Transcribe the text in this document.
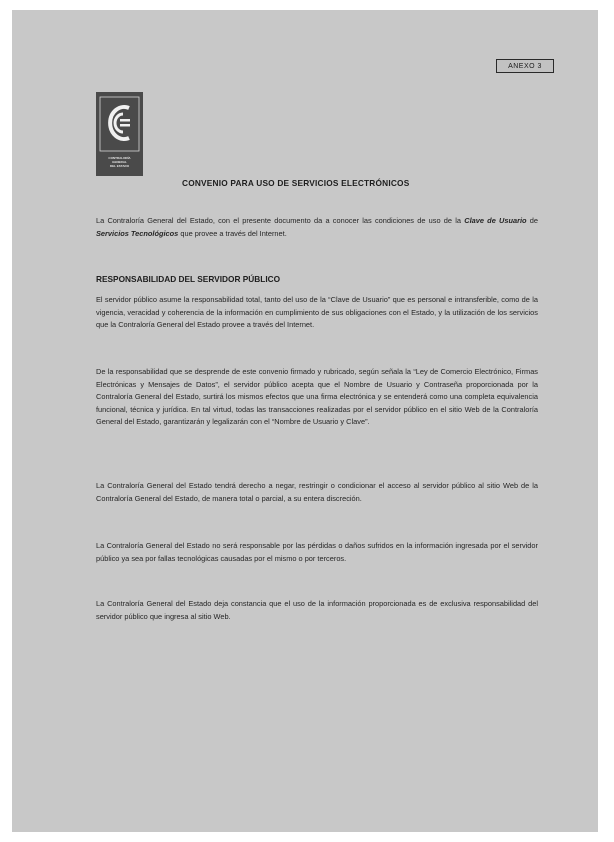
ANEXO 3
CONTRALORÍA
GENERAL
DEL ESTADO
CONVENIO PARA USO DE SERVICIOS ELECTRÓNICOS
La Contraloría General del Estado, con el presente documento da a conocer las condiciones de uso de la Clave de Usuario de Servicios Tecnológicos que provee a través del Internet.
RESPONSABILIDAD DEL SERVIDOR PÚBLICO
El servidor público asume la responsabilidad total, tanto del uso de la “Clave de Usuario” que es personal e intransferible, como de la vigencia, veracidad y coherencia de la información en cumplimiento de sus obligaciones con el Estado, y la utilización de los servicios que la Contraloría General del Estado provee a través del Internet.
De la responsabilidad que se desprende de este convenio firmado y rubricado, según señala la “Ley de Comercio Electrónico, Firmas Electrónicas y Mensajes de Datos”, el servidor público acepta que el Nombre de Usuario y Contraseña proporcionada por la Contraloría General del Estado, surtirá los mismos efectos que una firma electrónica y se entenderá como una completa equivalencia funcional, técnica y jurídica. En tal virtud, todas las transacciones realizadas por el servidor público en el sitio Web de la Contraloría General del Estado, garantizarán y legalizarán con el “Nombre de Usuario y Clave”.
La Contraloría General del Estado tendrá derecho a negar, restringir o condicionar el acceso al servidor público al sitio Web de la Contraloría General del Estado, de manera total o parcial, a su entera discreción.
La Contraloría General del Estado no será responsable por las pérdidas o daños sufridos en la información ingresada por el servidor público ya sea por fallas tecnológicas causadas por el mismo o por terceros.
La Contraloría General del Estado deja constancia que el uso de la información proporcionada es de exclusiva responsabilidad del servidor público que ingresa al sitio Web.
